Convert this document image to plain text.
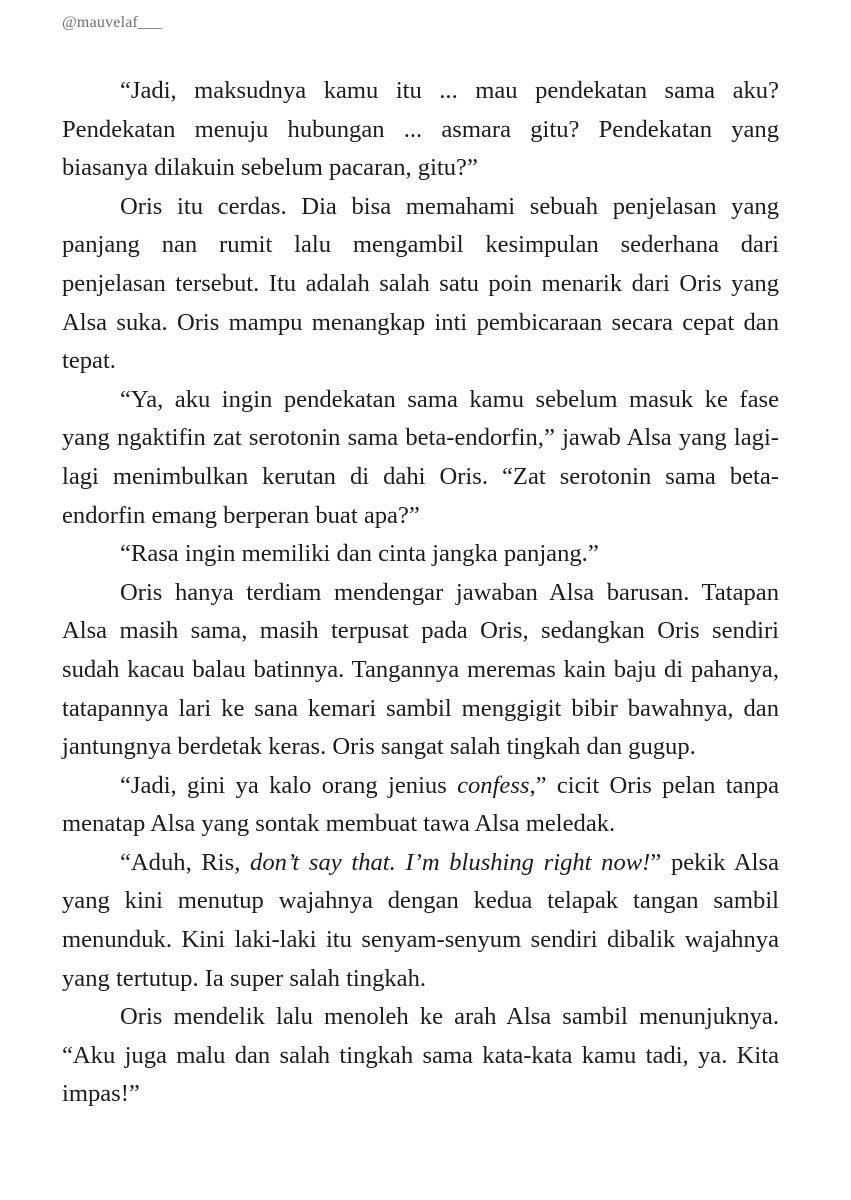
@mauvelaf___

“Jadi, maksudnya kamu itu ... mau pendekatan sama aku? Pendekatan menuju hubungan ... asmara gitu? Pendekatan yang biasanya dilakuin sebelum pacaran, gitu?”

Oris itu cerdas. Dia bisa memahami sebuah penjelasan yang panjang nan rumit lalu mengambil kesimpulan sederhana dari penjelasan tersebut. Itu adalah salah satu poin menarik dari Oris yang Alsa suka. Oris mampu menangkap inti pembicaraan secara cepat dan tepat.

“Ya, aku ingin pendekatan sama kamu sebelum masuk ke fase yang ngaktifin zat serotonin sama beta-endorfin,” jawab Alsa yang lagi-lagi menimbulkan kerutan di dahi Oris. “Zat serotonin sama beta-endorfin emang berperan buat apa?”

“Rasa ingin memiliki dan cinta jangka panjang.”

Oris hanya terdiam mendengar jawaban Alsa barusan. Tatapan Alsa masih sama, masih terpusat pada Oris, sedangkan Oris sendiri sudah kacau balau batinnya. Tangannya meremas kain baju di pahanya, tatapannya lari ke sana kemari sambil menggigit bibir bawahnya, dan jantungnya berdetak keras. Oris sangat salah tingkah dan gugup.

“Jadi, gini ya kalo orang jenius confess,” cicit Oris pelan tanpa menatap Alsa yang sontak membuat tawa Alsa meledak.

“Aduh, Ris, don’t say that. I’m blushing right now!” pekik Alsa yang kini menutup wajahnya dengan kedua telapak tangan sambil menunduk. Kini laki-laki itu senyam-senyum sendiri dibalik wajahnya yang tertutup. Ia super salah tingkah.

Oris mendelik lalu menoleh ke arah Alsa sambil menunjuknya. “Aku juga malu dan salah tingkah sama kata-kata kamu tadi, ya. Kita impas!”
